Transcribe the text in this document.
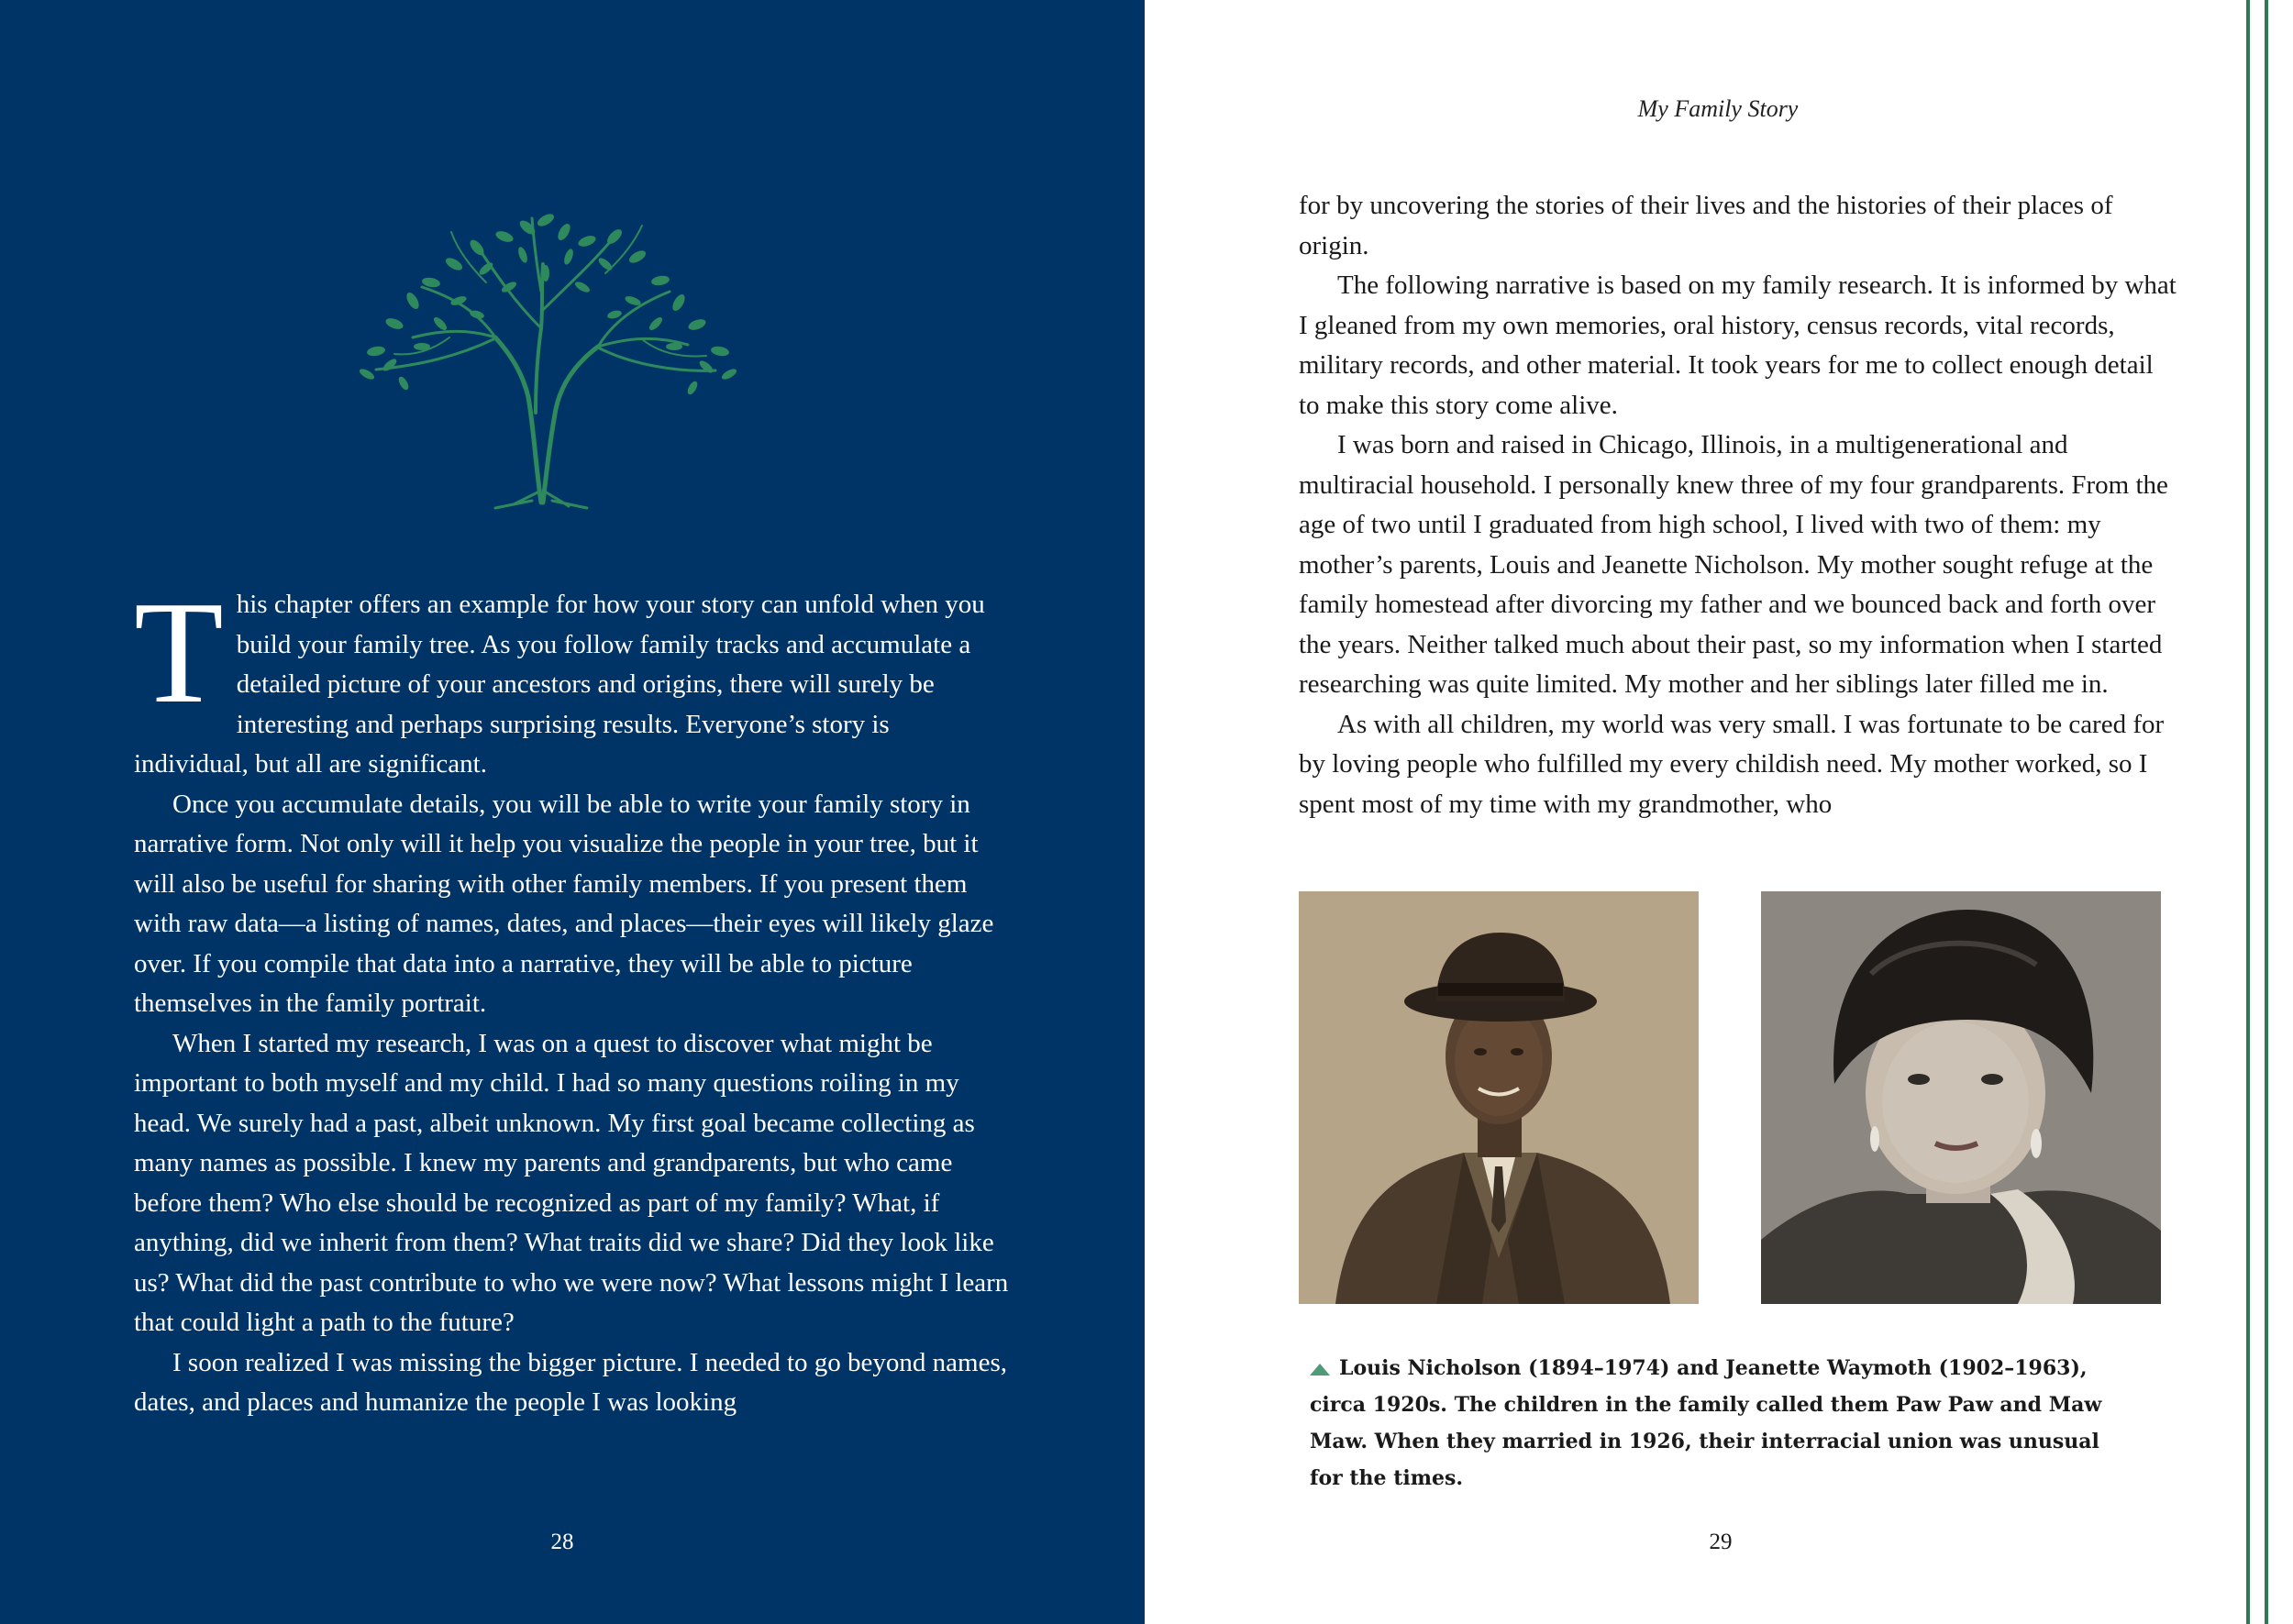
This chapter offers an example for how your story can unfold when you build your family tree. As you follow family tracks and accumulate a detailed picture of your ancestors and origins, there will surely be interesting and perhaps surprising results. Everyone’s story is individual, but all are significant.

Once you accumulate details, you will be able to write your family story in narrative form. Not only will it help you visualize the people in your tree, but it will also be useful for sharing with other family members. If you present them with raw data—a listing of names, dates, and places—their eyes will likely glaze over. If you compile that data into a narrative, they will be able to picture themselves in the family portrait.

When I started my research, I was on a quest to discover what might be important to both myself and my child. I had so many questions roiling in my head. We surely had a past, albeit unknown. My first goal became collecting as many names as possible. I knew my parents and grandparents, but who came before them? Who else should be recognized as part of my family? What, if anything, did we inherit from them? What traits did we share? Did they look like us? What did the past contribute to who we were now? What lessons might I learn that could light a path to the future?

I soon realized I was missing the bigger picture. I needed to go beyond names, dates, and places and humanize the people I was looking

28
My Family Story

for by uncovering the stories of their lives and the histories of their places of origin.

The following narrative is based on my family research. It is informed by what I gleaned from my own memories, oral history, census records, vital records, military records, and other material. It took years for me to collect enough detail to make this story come alive.

I was born and raised in Chicago, Illinois, in a multigenerational and multiracial household. I personally knew three of my four grandparents. From the age of two until I graduated from high school, I lived with two of them: my mother’s parents, Louis and Jeanette Nicholson. My mother sought refuge at the family homestead after divorcing my father and we bounced back and forth over the years. Neither talked much about their past, so my information when I started researching was quite limited. My mother and her siblings later filled me in.

As with all children, my world was very small. I was fortunate to be cared for by loving people who fulfilled my every childish need. My mother worked, so I spent most of my time with my grandmother, who

Louis Nicholson (1894–1974) and Jeanette Waymoth (1902–1963), circa 1920s. The children in the family called them Paw Paw and Maw Maw. When they married in 1926, their interracial union was unusual for the times.
29
